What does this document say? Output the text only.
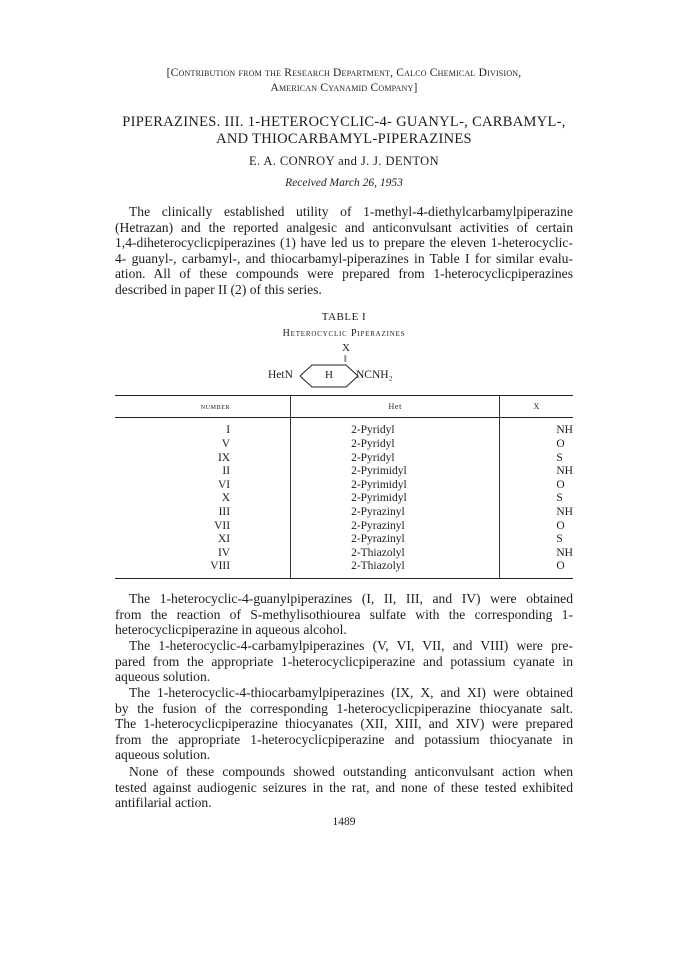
[Contribution from the Research Department, Calco Chemical Division,
American Cyanamid Company]
PIPERAZINES. III. 1-HETEROCYCLIC-4- GUANYL-, CARBAMYL-,
AND THIOCARBAMYL-PIPERAZINES
E. A. CONROY and J. J. DENTON
Received March 26, 1953
The clinically established utility of 1-methyl-4-diethylcarbamylpiperazine
(Hetrazan) and the reported analgesic and anticonvulsant activities of certain
1,4-diheterocyclicpiperazines (1) have led us to prepare the eleven 1-heterocyclic-
4- guanyl-, carbamyl-, and thiocarbamyl-piperazines in Table I for similar evalu-
ation. All of these compounds were prepared from 1-heterocyclicpiperazines
described in paper II (2) of this series.
TABLE I
Heterocyclic Piperazines
X
‖
HetN	H NCNH₂
number	Het	X
I	2-Pyridyl	NH
V	2-Pyridyl	O
IX	2-Pyridyl	S
II	2-Pyrimidyl	NH
VI	2-Pyrimidyl	O
X	2-Pyrimidyl	S
III	2-Pyrazinyl	NH
VII	2-Pyrazinyl	O
XI	2-Pyrazinyl	S
IV	2-Thiazolyl	NH
VIII	2-Thiazolyl	O
The 1-heterocyclic-4-guanylpiperazines (I, II, III, and IV) were obtained
from the reaction of S-methylisothiourea sulfate with the corresponding 1-
heterocyclicpiperazine in aqueous alcohol.
The 1-heterocyclic-4-carbamylpiperazines (V, VI, VII, and VIII) were pre-
pared from the appropriate 1-heterocyclicpiperazine and potassium cyanate in
aqueous solution.
The 1-heterocyclic-4-thiocarbamylpiperazines (IX, X, and XI) were obtained
by the fusion of the corresponding 1-heterocyclicpiperazine thiocyanate salt.
The 1-heterocyclicpiperazine thiocyanates (XII, XIII, and XIV) were prepared
from the appropriate 1-heterocyclicpiperazine and potassium thiocyanate in
aqueous solution.
None of these compounds showed outstanding anticonvulsant action when
tested against audiogenic seizures in the rat, and none of these tested exhibited
antifilarial action.
1489
